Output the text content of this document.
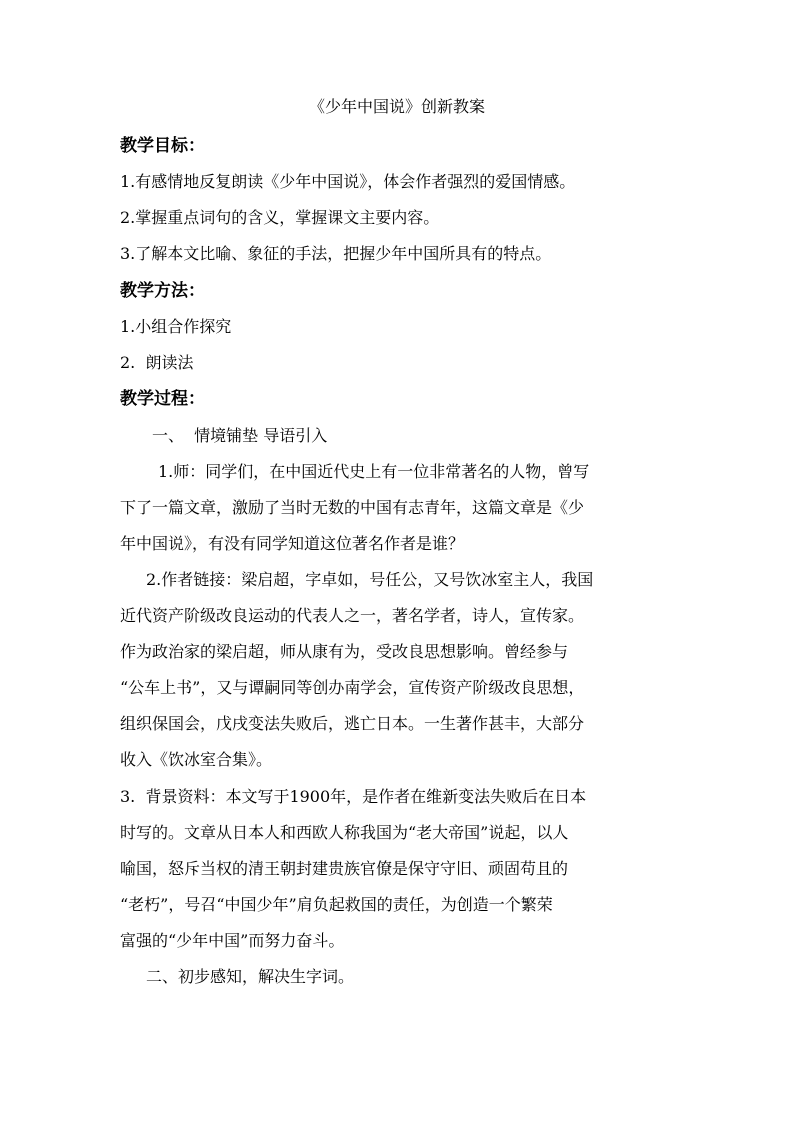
《少年中国说》创新教案
教学目标：
1.有感情地反复朗读《少年中国说》，体会作者强烈的爱国情感。
2.掌握重点词句的含义，掌握课文主要内容。
3.了解本文比喻、象征的手法，把握少年中国所具有的特点。
教学方法：
1.小组合作探究
2.  朗读法
教学过程：
一、  情境铺垫 导语引入
1.师：同学们，在中国近代史上有一位非常著名的人物，曾写
下了一篇文章，激励了当时无数的中国有志青年，这篇文章是《少
年中国说》，有没有同学知道这位著名作者是谁？
2.作者链接：梁启超，字卓如，号任公，又号饮冰室主人，我国
近代资产阶级改良运动的代表人之一，著名学者，诗人，宣传家。
作为政治家的梁启超，师从康有为，受改良思想影响。曾经参与
“公车上书”，又与谭嗣同等创办南学会，宣传资产阶级改良思想，
组织保国会，戊戌变法失败后，逃亡日本。一生著作甚丰，大部分
收入《饮冰室合集》。
3.  背景资料：本文写于1900年，是作者在维新变法失败后在日本
时写的。文章从日本人和西欧人称我国为“老大帝国”说起，以人
喻国，怒斥当权的清王朝封建贵族官僚是保守守旧、顽固苟且的
“老朽”，号召“中国少年”肩负起救国的责任，为创造一个繁荣
富强的“少年中国”而努力奋斗。
二、初步感知，解决生字词。
